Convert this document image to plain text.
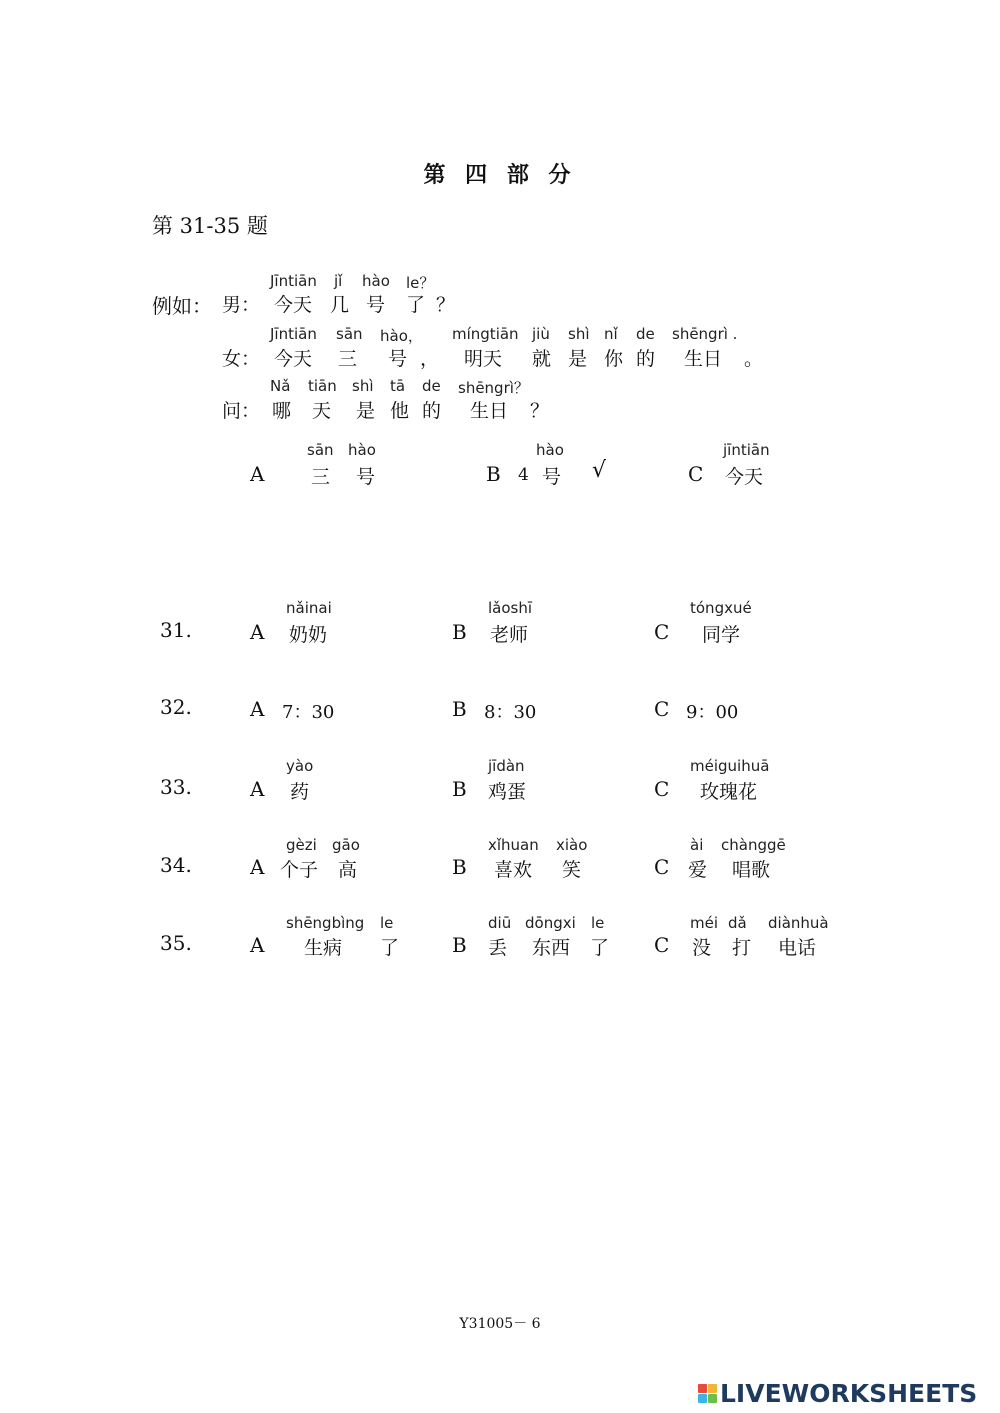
第 四 部 分
第 31-35 题
例如： 男：
Jīntiān jǐ hào le？
今天 几 号 了 ？
女：
Jīntiān sān hào， míngtiān jiù shì nǐ de shēngrì .
今天 三 号 ， 明天 就 是 你 的 生日 。
问：
Nǎ tiān shì tā de shēngrì？
哪 天 是 他 的 生日 ？
A
sān hào
三 号	B
hào
4 号 √	C
jīntiān
今天
31.	A
nǎinai
奶奶	B
lǎoshī
老师	C
tóngxué
同学
32.	A 7：30	B 8：30	C 9：00
33.	A
yào
药	B
jīdàn
鸡蛋	C
méiguihuā
玫瑰花
34.	A
gèzi gāo
个子 高	B
xǐhuan xiào
喜欢 笑	C
ài chànggē
爱 唱歌
35.	A
shēngbìng le
生病 了	B
diū dōngxi le
丢 东西 了 C
méi dǎ diànhuà
没 打 电话
Y31005－ 6
LIVEWORKSHEETS
